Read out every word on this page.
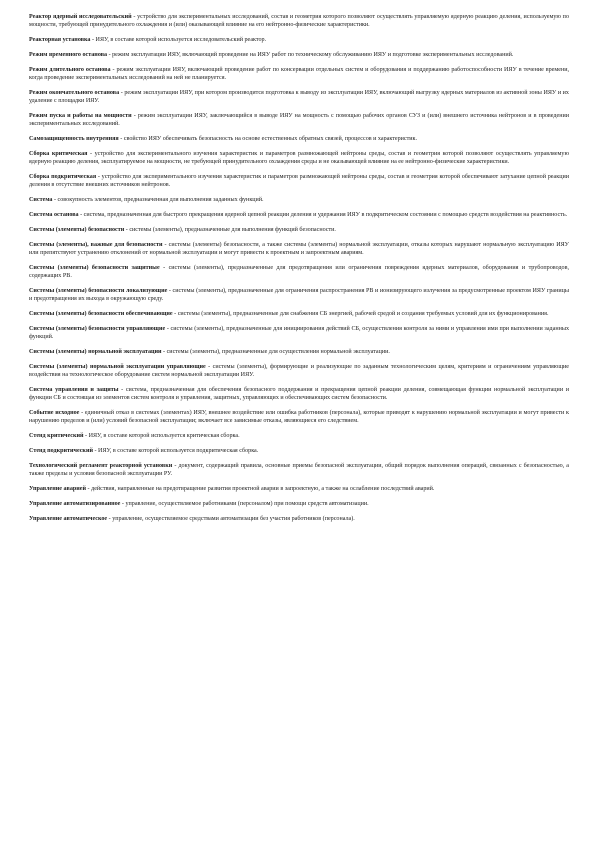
Реактор ядерный исследовательский - устройство для экспериментальных исследований, состав и геометрия которого позволяют осуществлять управляемую ядерную реакцию деления, используемую по мощности, требующей принудительного охлаждения и (или) оказывающей влияние на его нейтронно-физические характеристики.

Реакторная установка - ИЯУ, в составе которой используется исследовательский реактор.

Режим временного останова - режим эксплуатации ИЯУ, включающий проведение на ИЯУ работ по техническому обслуживанию ИЯУ и подготовке экспериментальных исследований.

Режим длительного останова - режим эксплуатации ИЯУ, включающий проведение работ по консервации отдельных систем и оборудования и поддержанию работоспособности ИЯУ в течение времени, когда проведение экспериментальных исследований на ней не планируется.

Режим окончательного останова - режим эксплуатации ИЯУ, при котором производится подготовка к выводу из эксплуатации ИЯУ, включающий выгрузку ядерных материалов из активной зоны ИЯУ и их удаление с площадки ИЯУ.

Режим пуска и работы на мощности - режим эксплуатации ИЯУ, заключающийся в выводе ИЯУ на мощность с помощью рабочих органов СУЗ и (или) внешнего источника нейтронов и в проведении экспериментальных исследований.

Самозащищенность внутренняя - свойство ИЯУ обеспечивать безопасность на основе естественных обратных связей, процессов и характеристик.

Сборка критическая - устройство для экспериментального изучения характеристик и параметров размножающей нейтроны среды, состав и геометрия которой позволяют осуществлять управляемую ядерную реакцию деления, эксплуатируемое на мощности, не требующей принудительного охлаждения среды и не оказывающей влияние на ее нейтронно-физические характеристики.

Сборка подкритическая - устройство для экспериментального изучения характеристик и параметров размножающей нейтроны среды, состав и геометрия которой обеспечивают затухание цепной реакции деления в отсутствие внешних источников нейтронов.

Система - совокупность элементов, предназначенная для выполнения заданных функций.

Система останова - система, предназначенная для быстрого прекращения ядерной цепной реакции деления и удержания ИЯУ в подкритическом состоянии с помощью средств воздействия на реактивность.

Системы (элементы) безопасности - системы (элементы), предназначенные для выполнения функций безопасности.

Системы (элементы), важные для безопасности - системы (элементы) безопасности, а также системы (элементы) нормальной эксплуатации, отказы которых нарушают нормальную эксплуатацию ИЯУ или препятствуют устранению отклонений от нормальной эксплуатации и могут привести к проектным и запроектным авариям.

Системы (элементы) безопасности защитные - системы (элементы), предназначенные для предотвращения или ограничения повреждения ядерных материалов, оборудования и трубопроводов, содержащих РВ.

Системы (элементы) безопасности локализующие - системы (элементы), предназначенные для ограничения распространения РВ и ионизирующего излучения за предусмотренные проектом ИЯУ границы и предотвращения их выхода в окружающую среду.

Системы (элементы) безопасности обеспечивающие - системы (элементы), предназначенные для снабжения СБ энергией, рабочей средой и создания требуемых условий для их функционирования.

Системы (элементы) безопасности управляющие - системы (элементы), предназначенные для инициирования действий СБ, осуществления контроля за ними и управления ими при выполнении заданных функций.

Системы (элементы) нормальной эксплуатации - системы (элементы), предназначенные для осуществления нормальной эксплуатации.

Системы (элементы) нормальной эксплуатации управляющие - системы (элементы), формирующие и реализующие по заданным технологическим целям, критериям и ограничениям управляющие воздействия на технологическое оборудование систем нормальной эксплуатации ИЯУ.

Система управления и защиты - система, предназначенная для обеспечения безопасного поддержания и прекращения цепной реакции деления, совмещающая функции нормальной эксплуатации и функции СБ и состоящая из элементов систем контроля и управления, защитных, управляющих и обеспечивающих систем безопасности.

Событие исходное - единичный отказ в системах (элементах) ИЯУ, внешнее воздействие или ошибка работников (персонала), которые приводят к нарушению нормальной эксплуатации и могут привести к нарушению пределов и (или) условий безопасной эксплуатации; включает все зависимые отказы, являющиеся его следствием.

Стенд критический - ИЯУ, в составе которой используется критическая сборка.

Стенд подкритический - ИЯУ, в составе которой используется подкритическая сборка.

Технологический регламент реакторной установки - документ, содержащий правила, основные приемы безопасной эксплуатации, общий порядок выполнения операций, связанных с безопасностью, а также пределы и условия безопасной эксплуатации РУ.

Управление аварией - действия, направленные на предотвращение развития проектной аварии в запроектную, а также на ослабление последствий аварий.

Управление автоматизированное - управление, осуществляемое работниками (персоналом) при помощи средств автоматизации.

Управление автоматическое - управление, осуществляемое средствами автоматизации без участия работников (персонала).
